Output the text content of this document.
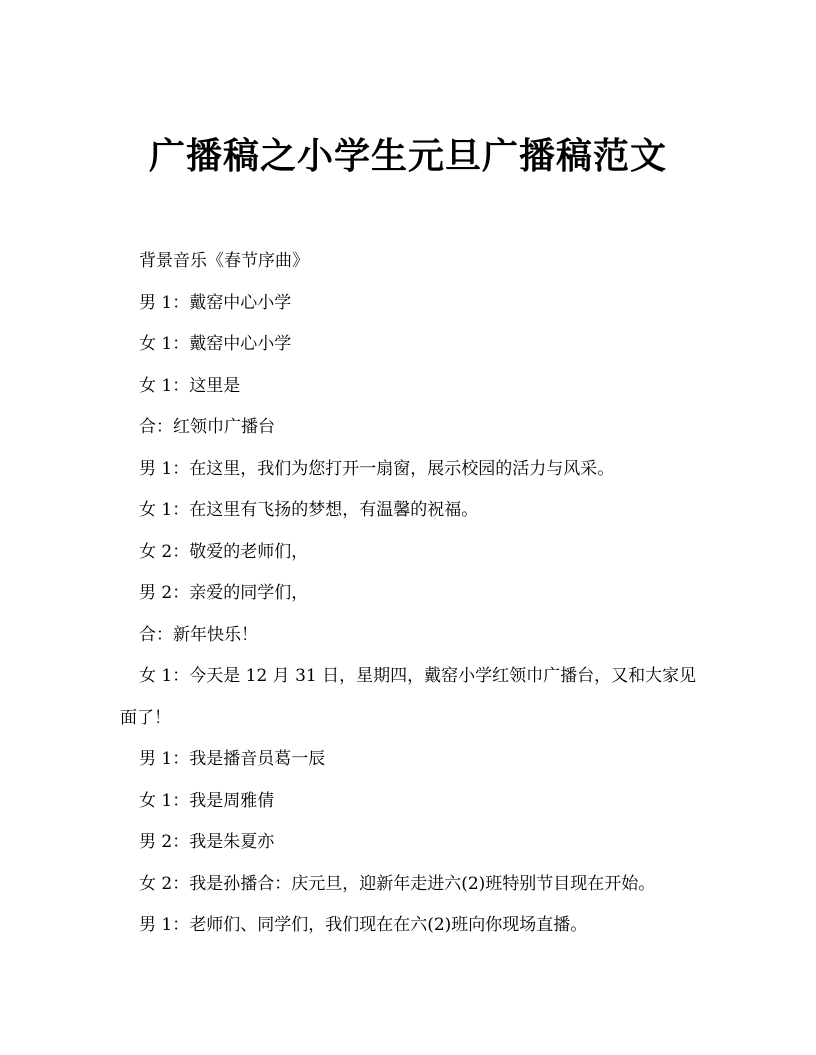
广播稿之小学生元旦广播稿范文

背景音乐《春节序曲》

男 1：戴窑中心小学

女 1：戴窑中心小学

女 1：这里是

合：红领巾广播台

男 1：在这里，我们为您打开一扇窗，展示校园的活力与风采。

女 1：在这里有飞扬的梦想，有温馨的祝福。

女 2：敬爱的老师们，

男 2：亲爱的同学们，

合：新年快乐！

女 1：今天是 12 月 31 日，星期四，戴窑小学红领巾广播台，又和大家见面了！

男 1：我是播音员葛一辰

女 1：我是周雅倩

男 2：我是朱夏亦

女 2：我是孙播合：庆元旦，迎新年走进六(2)班特别节目现在开始。

男 1：老师们、同学们，我们现在在六(2)班向你现场直播。
